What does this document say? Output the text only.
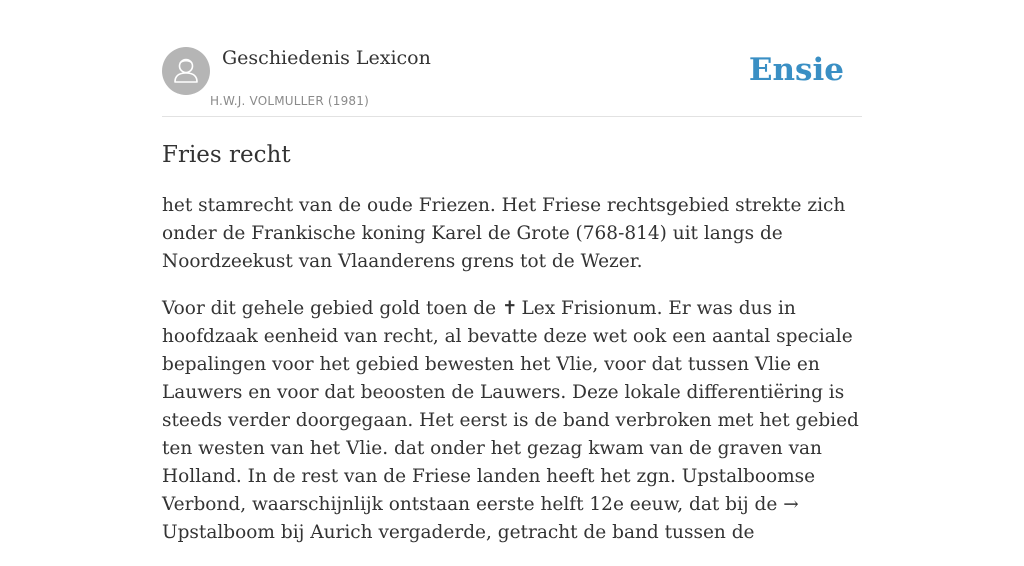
Geschiedenis Lexicon
H.W.J. VOLMULLER (1981)
Ensie
Fries recht

het stamrecht van de oude Friezen. Het Friese rechtsgebied strekte zich onder de Frankische koning Karel de Grote (768-814) uit langs de Noordzeekust van Vlaanderens grens tot de Wezer.

Voor dit gehele gebied gold toen de ✝ Lex Frisionum. Er was dus in hoofdzaak eenheid van recht, al bevatte deze wet ook een aantal speciale bepalingen voor het gebied bewesten het Vlie, voor dat tussen Vlie en Lauwers en voor dat beoosten de Lauwers. Deze lokale differentiëring is steeds verder doorgegaan. Het eerst is de band verbroken met het gebied ten westen van het Vlie. dat onder het gezag kwam van de graven van Holland. In de rest van de Friese landen heeft het zgn. Upstalboomse Verbond, waarschijnlijk ontstaan eerste helft 12e eeuw, dat bij de →Upstalboom bij Aurich vergaderde, getracht de band tussen de
